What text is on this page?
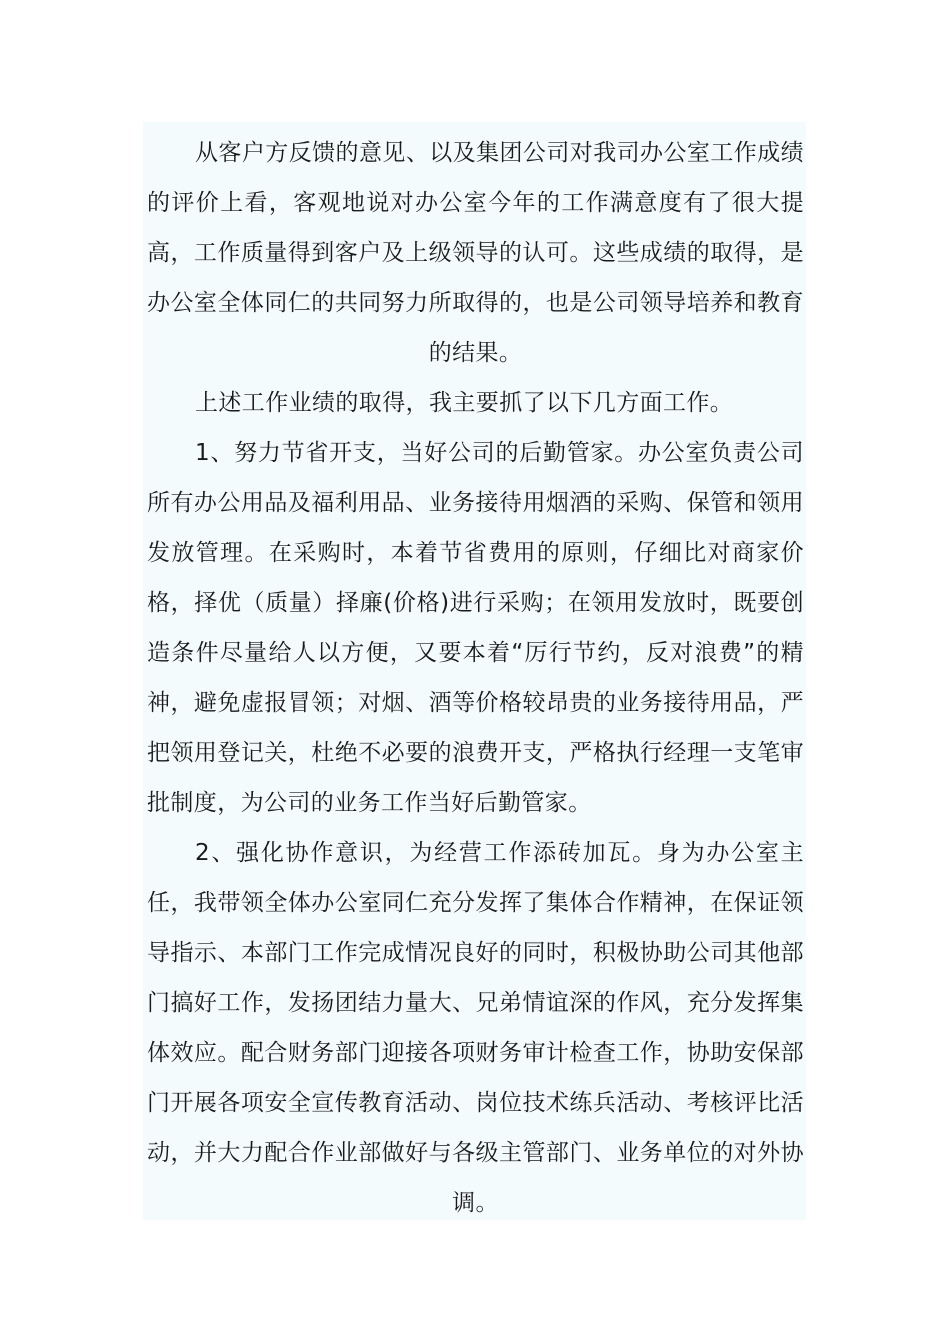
从客户方反馈的意见、以及集团公司对我司办公室工作成绩的评价上看，客观地说对办公室今年的工作满意度有了很大提高，工作质量得到客户及上级领导的认可。这些成绩的取得，是办公室全体同仁的共同努力所取得的，也是公司领导培养和教育的结果。

上述工作业绩的取得，我主要抓了以下几方面工作。

1、努力节省开支，当好公司的后勤管家。办公室负责公司所有办公用品及福利用品、业务接待用烟酒的采购、保管和领用发放管理。在采购时，本着节省费用的原则，仔细比对商家价格，择优（质量）择廉(价格)进行采购；在领用发放时，既要创造条件尽量给人以方便，又要本着“厉行节约，反对浪费”的精神，避免虚报冒领；对烟、酒等价格较昂贵的业务接待用品，严把领用登记关，杜绝不必要的浪费开支，严格执行经理一支笔审批制度，为公司的业务工作当好后勤管家。

2、强化协作意识，为经营工作添砖加瓦。身为办公室主任，我带领全体办公室同仁充分发挥了集体合作精神，在保证领导指示、本部门工作完成情况良好的同时，积极协助公司其他部门搞好工作，发扬团结力量大、兄弟情谊深的作风，充分发挥集体效应。配合财务部门迎接各项财务审计检查工作，协助安保部门开展各项安全宣传教育活动、岗位技术练兵活动、考核评比活动，并大力配合作业部做好与各级主管部门、业务单位的对外协调。
